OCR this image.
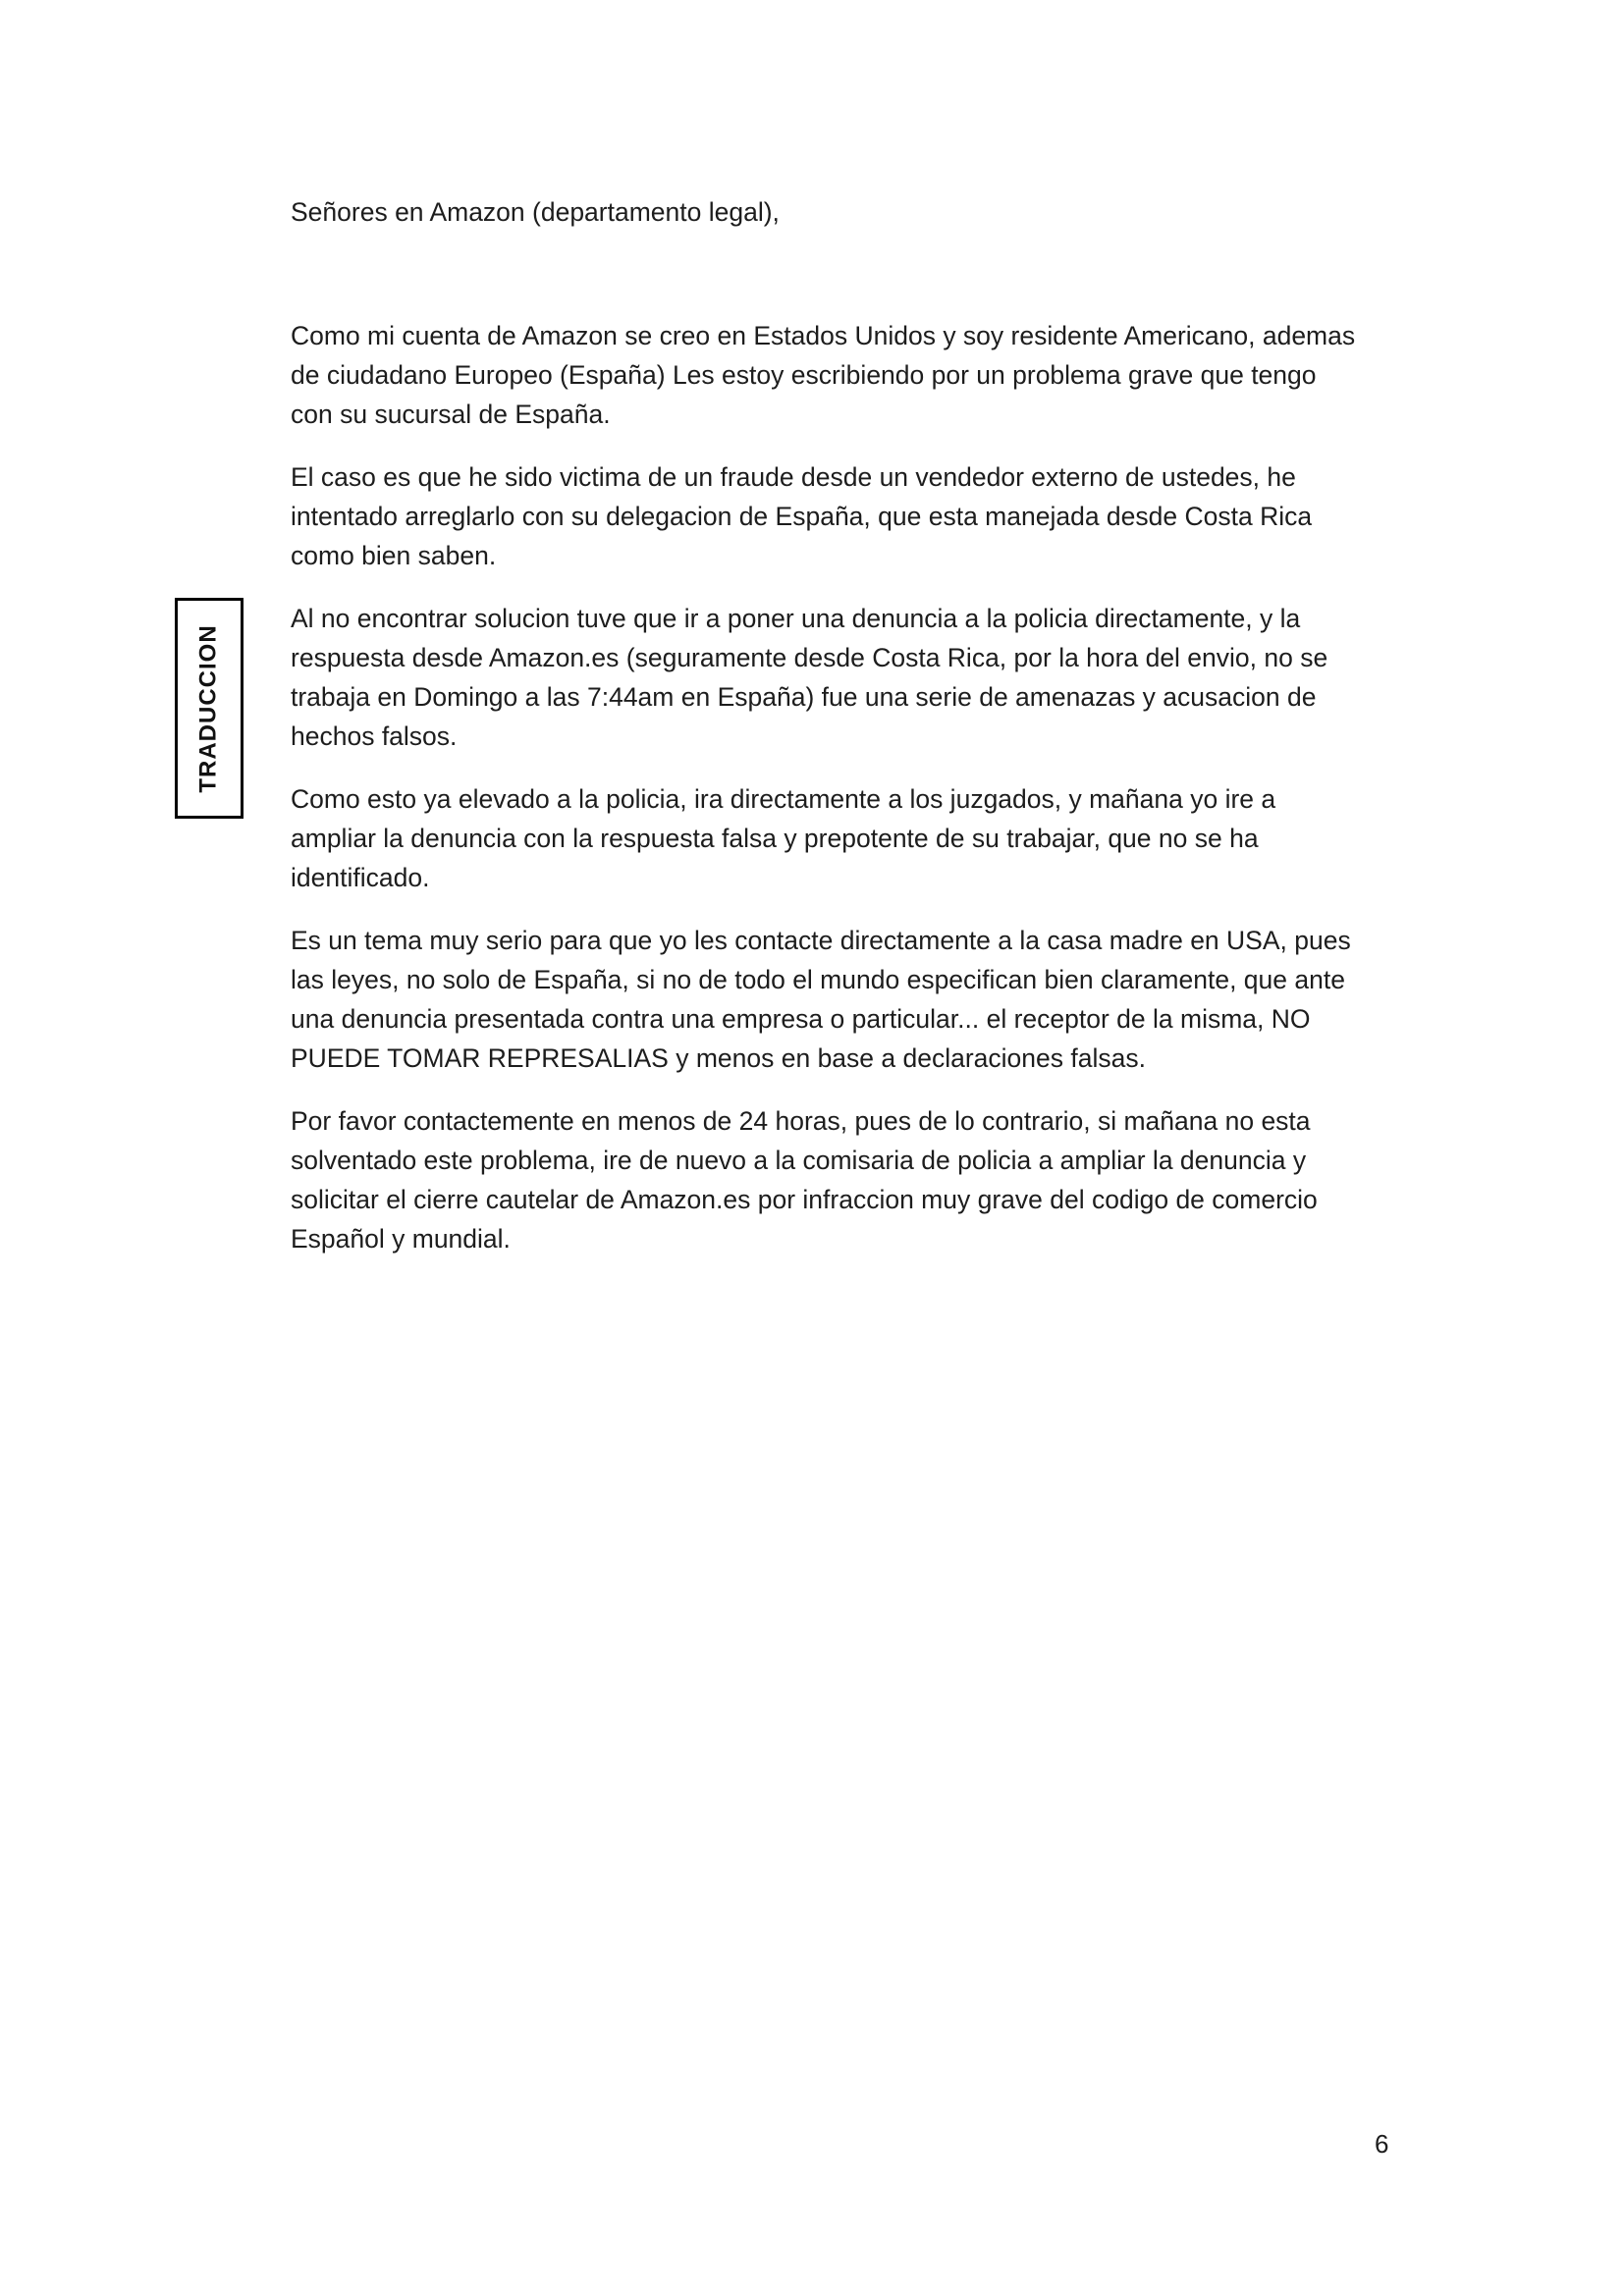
TRADUCCION
Señores en Amazon (departamento legal),
Como mi cuenta de Amazon se creo en Estados Unidos y soy residente Americano, ademas
de ciudadano Europeo (España) Les estoy escribiendo por un problema grave que tengo
con su sucursal de España.
El caso es que he sido victima de un fraude desde un vendedor externo de ustedes, he
intentado arreglarlo con su delegacion de España, que esta manejada desde Costa Rica
como bien saben.
Al no encontrar solucion tuve que ir a poner una denuncia a la policia directamente, y la
respuesta desde Amazon.es (seguramente desde Costa Rica, por la hora del envio, no se
trabaja en Domingo a las 7:44am en España) fue una serie de amenazas y acusacion de
hechos falsos.
Como esto ya elevado a la policia, ira directamente a los juzgados, y mañana yo ire a
ampliar la denuncia con la respuesta falsa y prepotente de su trabajar, que no se ha
identificado.
Es un tema muy serio para que yo les contacte directamente a la casa madre en USA, pues
las leyes, no solo de España, si no de todo el mundo especifican bien claramente, que ante
una denuncia presentada contra una empresa o particular... el receptor de la misma, NO
PUEDE TOMAR REPRESALIAS y menos en base a declaraciones falsas.
Por favor contactemente en menos de 24 horas, pues de lo contrario, si mañana no esta
solventado este problema, ire de nuevo a la comisaria de policia a ampliar la denuncia y
solicitar el cierre cautelar de Amazon.es por infraccion muy grave del codigo de comercio
Español y mundial.
6
